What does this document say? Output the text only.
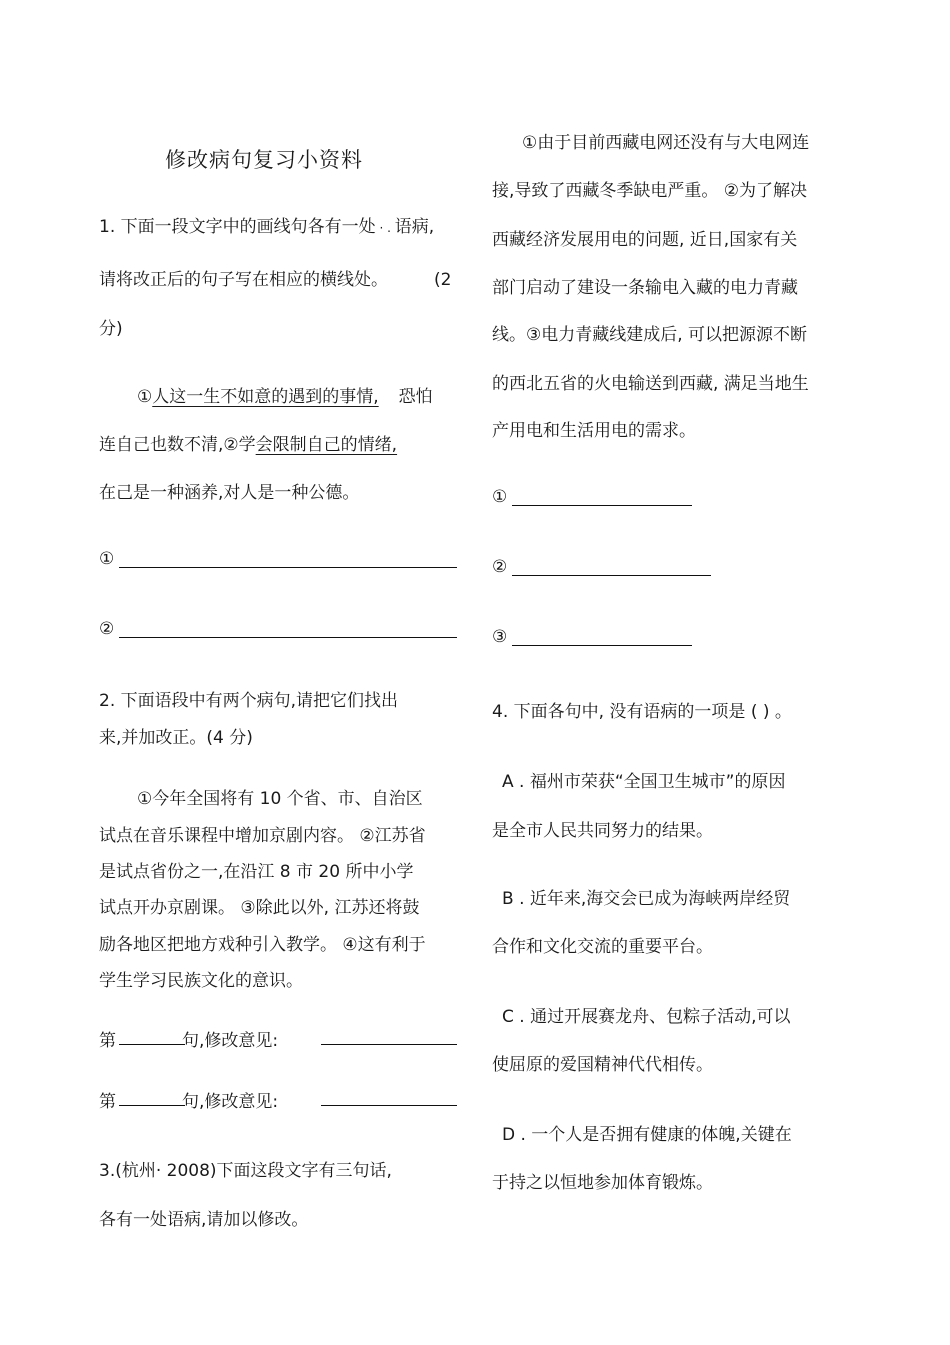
修改病句复习小资料
1. 下面一段文字中的画线句各有一处 · . 语病,
请将改正后的句子写在相应的横线处。	(2
分)
①人这一生不如意的遇到的事情, 恐怕
连自己也数不清,②学会限制自己的情绪,
在己是一种涵养,对人是一种公德。
①
②
2. 下面语段中有两个病句,请把它们找出
来,并加改正。(4 分)
①今年全国将有 10 个省、市、自治区
试点在音乐课程中增加京剧内容。 ②江苏省
是试点省份之一,在沿江 8 市 20 所中小学
试点开办京剧课。 ③除此以外, 江苏还将鼓
励各地区把地方戏种引入教学。 ④这有利于
学生学习民族文化的意识。
第	句,修改意见:
第	句,修改意见:
3.(杭州· 2008)下面这段文字有三句话,
各有一处语病,请加以修改。
①由于目前西藏电网还没有与大电网连
接,导致了西藏冬季缺电严重。 ②为了解决
西藏经济发展用电的问题, 近日,国家有关
部门启动了建设一条输电入藏的电力青藏
线。③电力青藏线建成后, 可以把源源不断
的西北五省的火电输送到西藏, 满足当地生
产用电和生活用电的需求。
①
②
③
4. 下面各句中, 没有语病的一项是 ( ) 。
A . 福州市荣获“全国卫生城市”的原因
是全市人民共同努力的结果。
B . 近年来,海交会已成为海峡两岸经贸
合作和文化交流的重要平台。
C . 通过开展赛龙舟、包粽子活动,可以
使屈原的爱国精神代代相传。
D . 一个人是否拥有健康的体魄,关键在
于持之以恒地参加体育锻炼。
